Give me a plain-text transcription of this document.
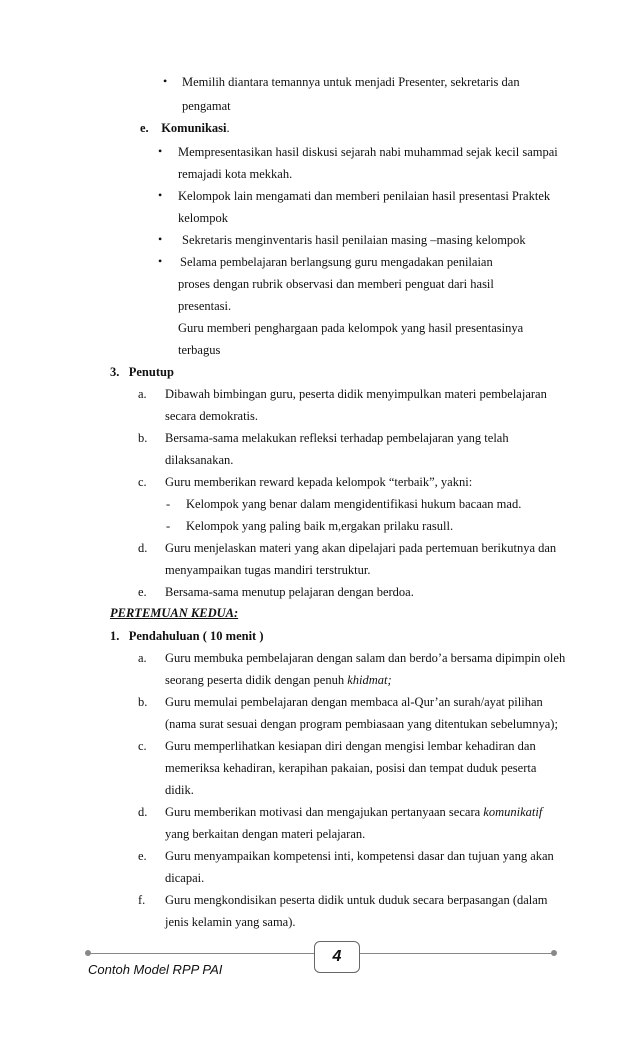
• Memilih diantara temannya untuk menjadi Presenter, sekretaris dan
pengamat
e. Komunikasi.
• Mempresentasikan hasil diskusi sejarah nabi muhammad sejak kecil sampai
remajadi kota mekkah.
• Kelompok lain mengamati dan memberi penilaian hasil presentasi Praktek
kelompok
• Sekretaris menginventaris hasil penilaian masing –masing kelompok
• Selama pembelajaran berlangsung guru mengadakan penilaian
proses dengan rubrik observasi dan memberi penguat dari hasil
presentasi.
Guru memberi penghargaan pada kelompok yang hasil presentasinya
terbagus
3. Penutup
a. Dibawah bimbingan guru, peserta didik menyimpulkan materi pembelajaran
secara demokratis.
b. Bersama-sama melakukan refleksi terhadap pembelajaran yang telah
dilaksanakan.
c. Guru memberikan reward kepada kelompok “terbaik”, yakni:
- Kelompok yang benar dalam mengidentifikasi hukum bacaan mad.
- Kelompok yang paling baik m,ergakan prilaku rasull.
d. Guru menjelaskan materi yang akan dipelajari pada pertemuan berikutnya dan
menyampaikan tugas mandiri terstruktur.
e. Bersama-sama menutup pelajaran dengan berdoa.
PERTEMUAN KEDUA:
1. Pendahuluan ( 10 menit )
a. Guru membuka pembelajaran dengan salam dan berdo’a bersama dipimpin oleh
seorang peserta didik dengan penuh khidmat;
b. Guru memulai pembelajaran dengan membaca al-Qur’an surah/ayat pilihan
(nama surat sesuai dengan program pembiasaan yang ditentukan sebelumnya);
c. Guru memperlihatkan kesiapan diri dengan mengisi lembar kehadiran dan
memeriksa kehadiran, kerapihan pakaian, posisi dan tempat duduk peserta
didik.
d. Guru memberikan motivasi dan mengajukan pertanyaan secara komunikatif
yang berkaitan dengan materi pelajaran.
e. Guru menyampaikan kompetensi inti, kompetensi dasar dan tujuan yang akan
dicapai.
f. Guru mengkondisikan peserta didik untuk duduk secara berpasangan (dalam
jenis kelamin yang sama).
4
Contoh Model RPP PAI
